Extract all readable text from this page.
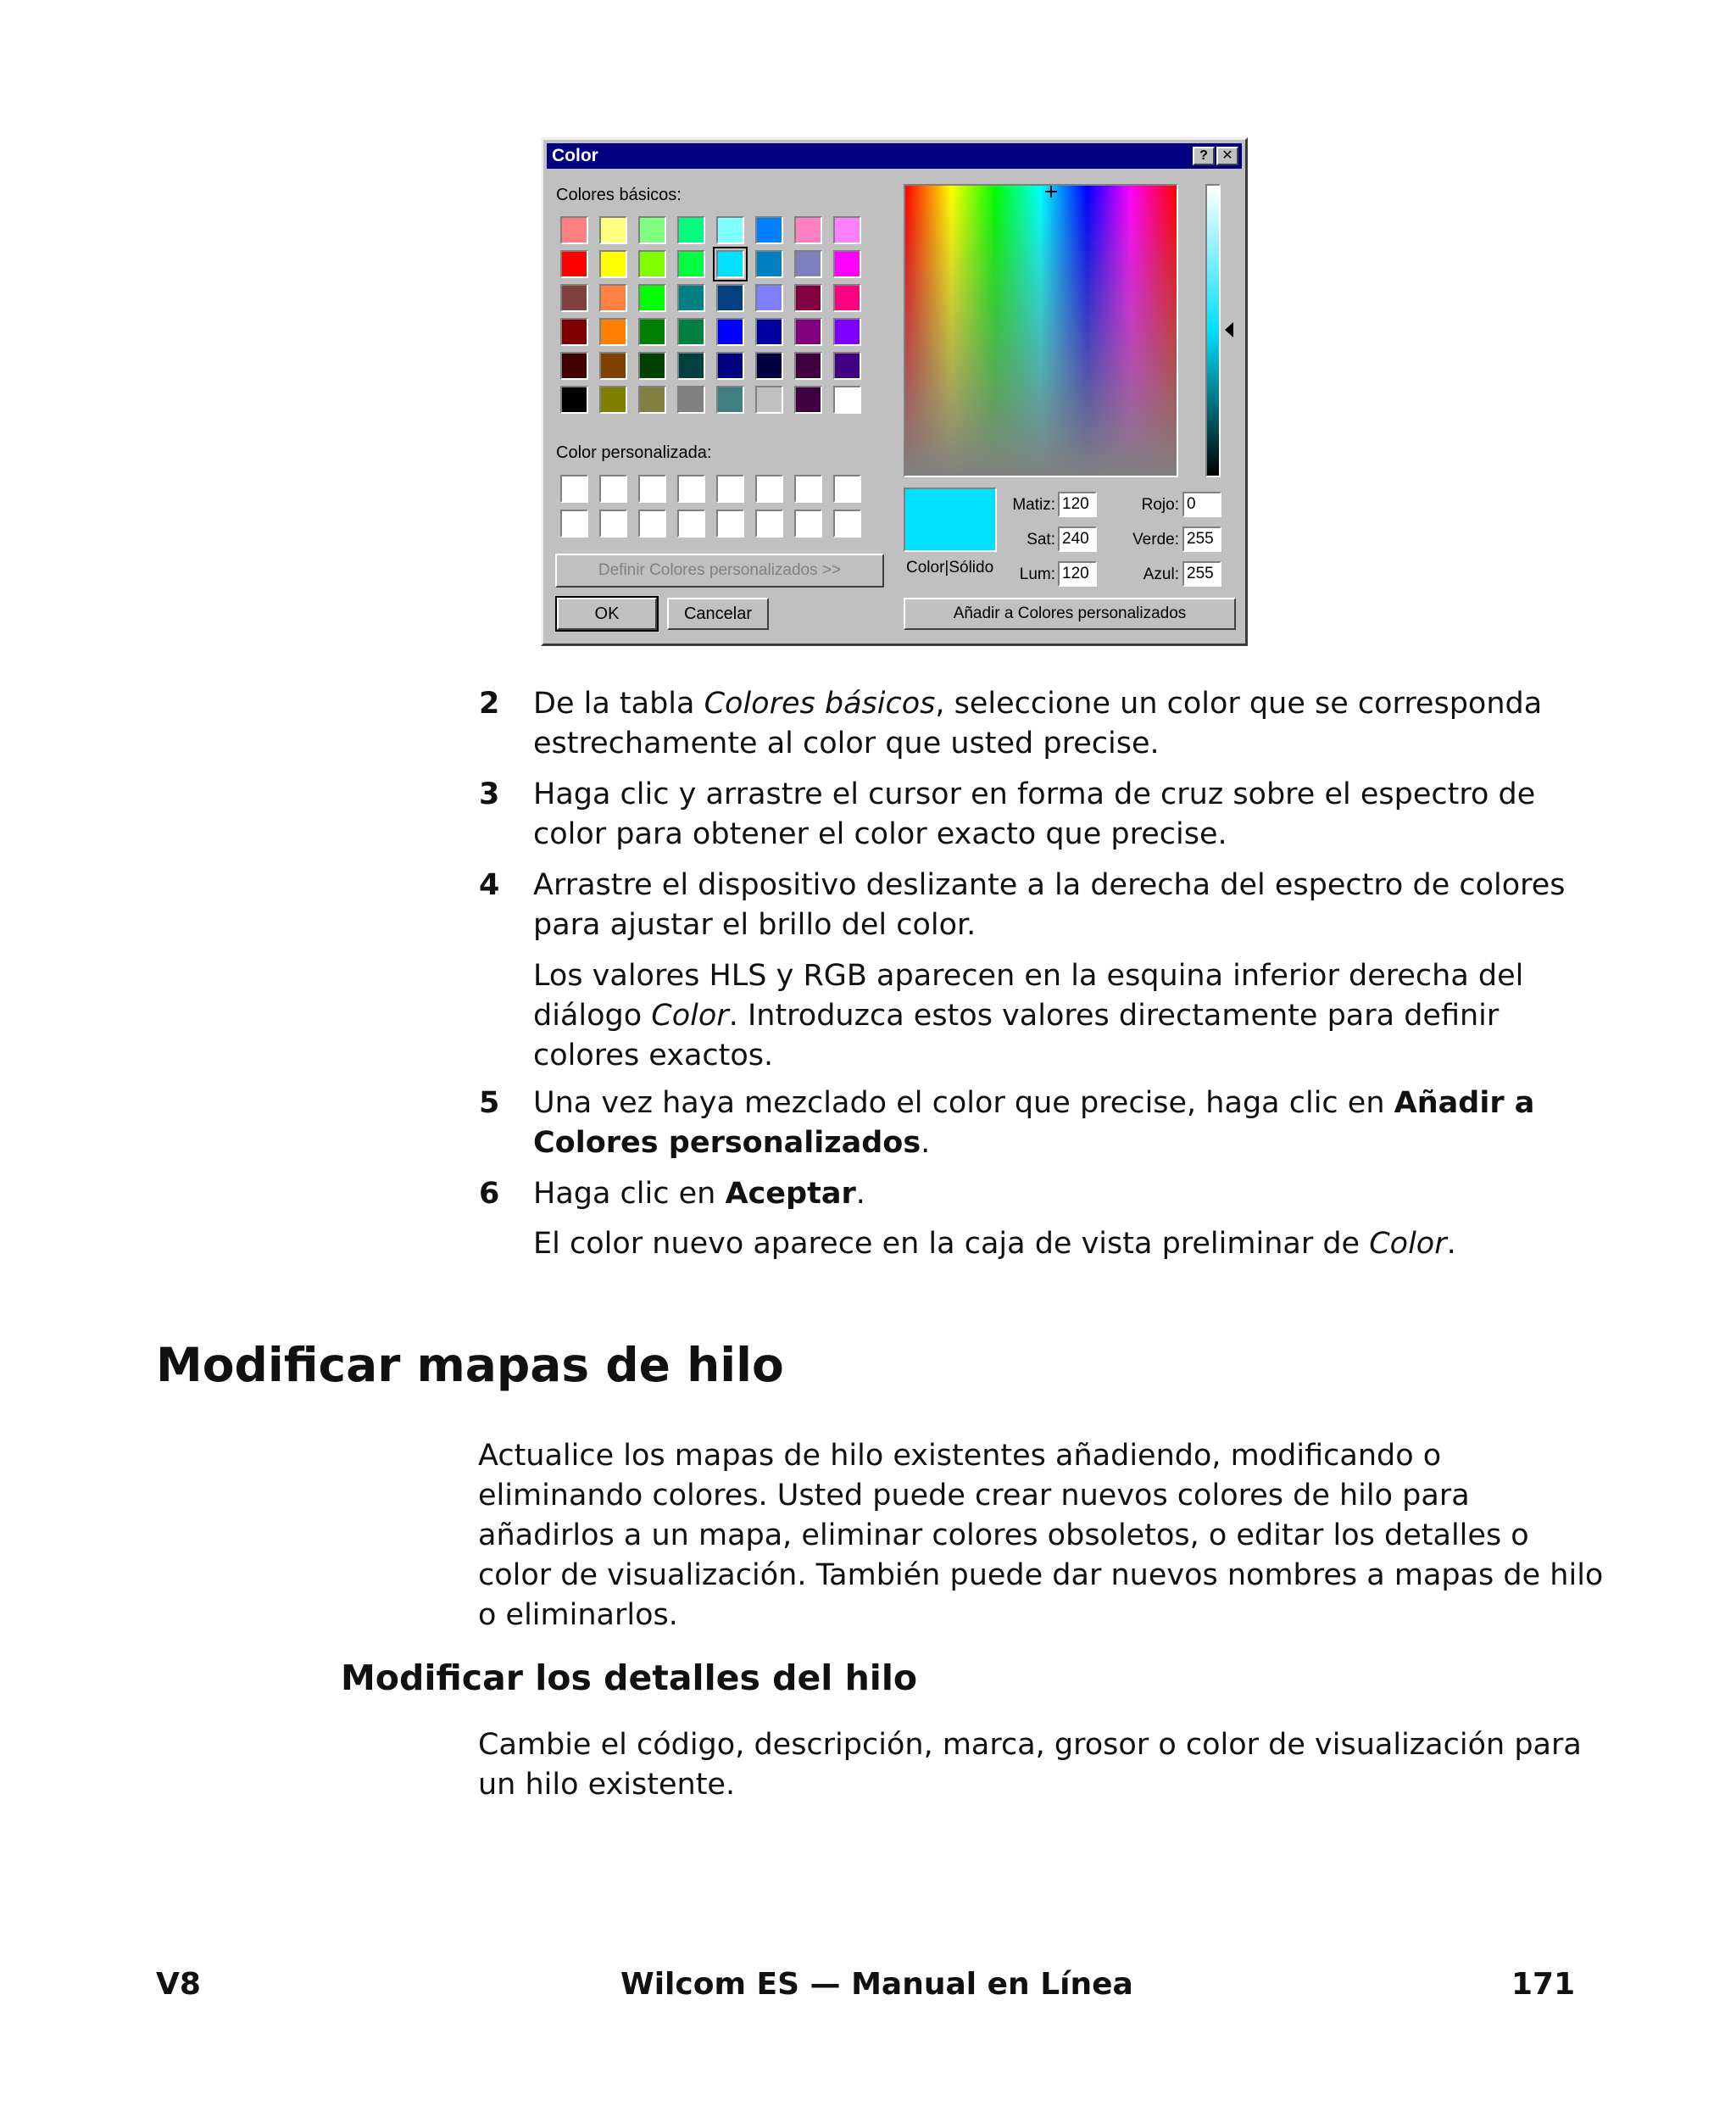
Color	?	✕
Colores básicos:
Color personalizada:
Definir Colores personalizados >>
OK	Cancelar
Color|Sólido
Matiz: 120
Sat: 240
Lum: 120
Rojo: 0
Verde: 255
Azul: 255
Añadir a Colores personalizados
2 De la tabla Colores básicos, seleccione un color que se corresponda estrechamente al color que usted precise.
3 Haga clic y arrastre el cursor en forma de cruz sobre el espectro de color para obtener el color exacto que precise.
4 Arrastre el dispositivo deslizante a la derecha del espectro de colores para ajustar el brillo del color.
Los valores HLS y RGB aparecen en la esquina inferior derecha del diálogo Color. Introduzca estos valores directamente para definir colores exactos.
5 Una vez haya mezclado el color que precise, haga clic en Añadir a Colores personalizados.
6 Haga clic en Aceptar.
El color nuevo aparece en la caja de vista preliminar de Color.
Modificar mapas de hilo
Actualice los mapas de hilo existentes añadiendo, modificando o eliminando colores. Usted puede crear nuevos colores de hilo para añadirlos a un mapa, eliminar colores obsoletos, o editar los detalles o color de visualización. También puede dar nuevos nombres a mapas de hilo o eliminarlos.
Modificar los detalles del hilo
Cambie el código, descripción, marca, grosor o color de visualización para un hilo existente.
V8	Wilcom ES — Manual en Línea	171
